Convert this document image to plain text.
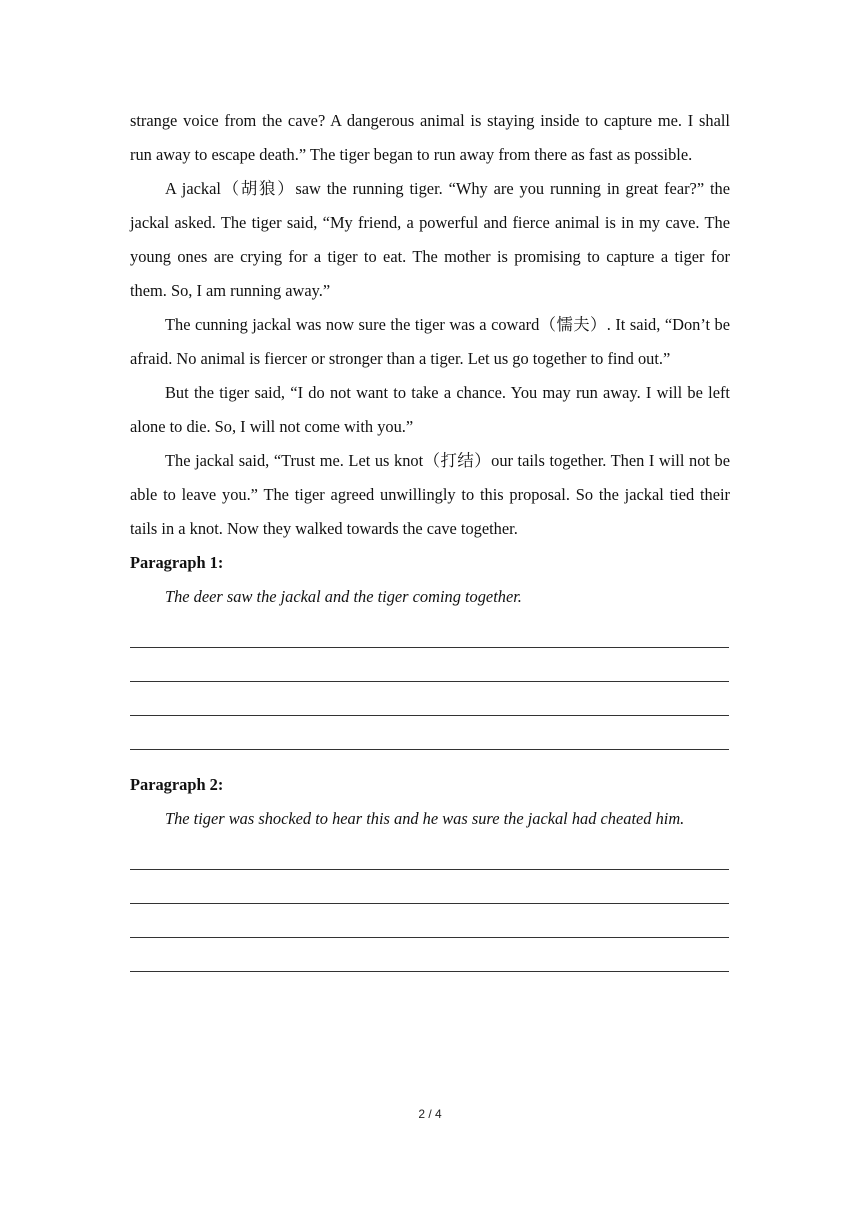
strange voice from the cave? A dangerous animal is staying inside to capture me. I shall run away to escape death.” The tiger began to run away from there as fast as possible.

A jackal（胡狼）saw the running tiger. “Why are you running in great fear?” the jackal asked. The tiger said, “My friend, a powerful and fierce animal is in my cave. The young ones are crying for a tiger to eat. The mother is promising to capture a tiger for them. So, I am running away.”

The cunning jackal was now sure the tiger was a coward（懦夫）. It said, “Don’t be afraid. No animal is fiercer or stronger than a tiger. Let us go together to find out.”

But the tiger said, “I do not want to take a chance. You may run away. I will be left alone to die. So, I will not come with you.”

The jackal said, “Trust me. Let us knot（打结）our tails together. Then I will not be able to leave you.” The tiger agreed unwillingly to this proposal. So the jackal tied their tails in a knot. Now they walked towards the cave together.

Paragraph 1:

The deer saw the jackal and the tiger coming together.

Paragraph 2:

The tiger was shocked to hear this and he was sure the jackal had cheated him.

2 / 4
